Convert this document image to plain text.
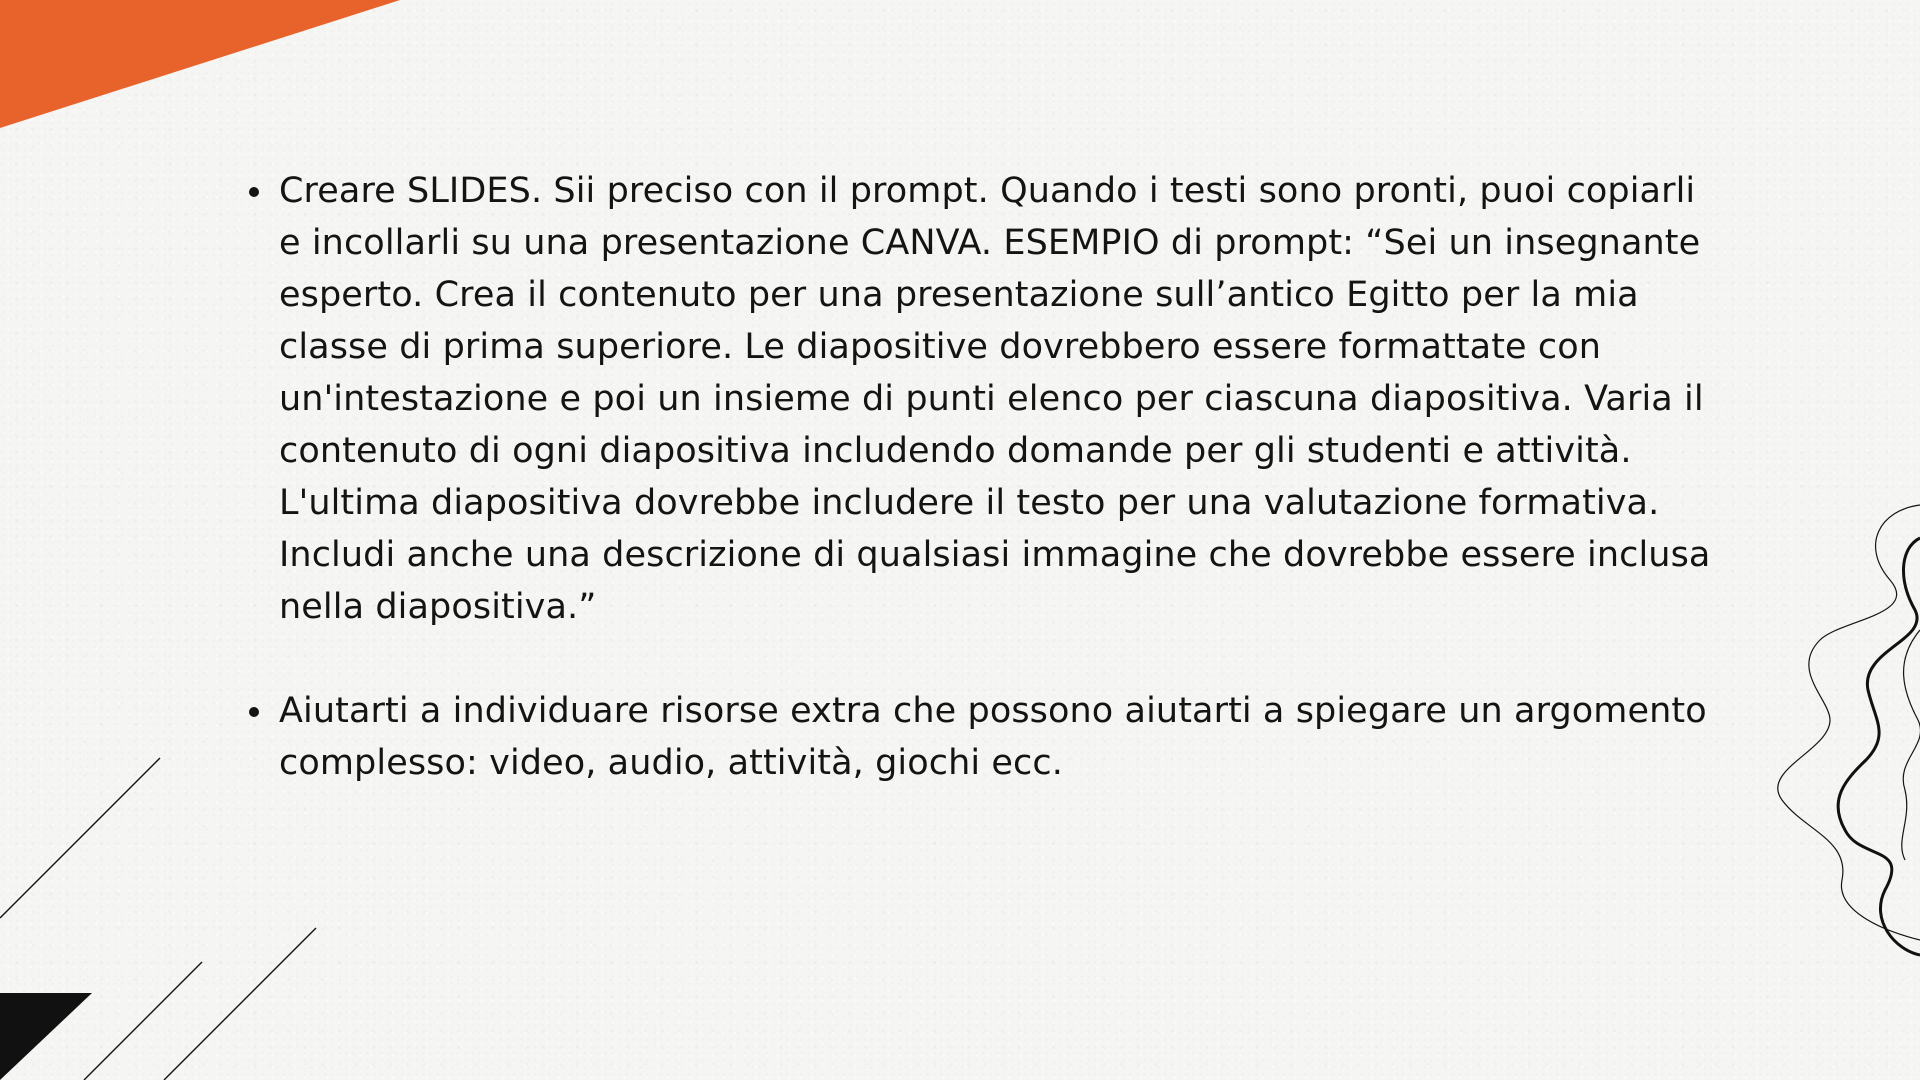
Creare SLIDES. Sii preciso con il prompt. Quando i testi sono pronti, puoi copiarli e incollarli su una presentazione CANVA. ESEMPIO di prompt: “Sei un insegnante esperto. Crea il contenuto per una presentazione sull’antico Egitto per la mia classe di prima superiore. Le diapositive dovrebbero essere formattate con un'intestazione e poi un insieme di punti elenco per ciascuna diapositiva. Varia il contenuto di ogni diapositiva includendo domande per gli studenti e attività. L'ultima diapositiva dovrebbe includere il testo per una valutazione formativa. Includi anche una descrizione di qualsiasi immagine che dovrebbe essere inclusa nella diapositiva.”
Aiutarti a individuare risorse extra che possono aiutarti a spiegare un argomento complesso: video, audio, attività, giochi ecc.
